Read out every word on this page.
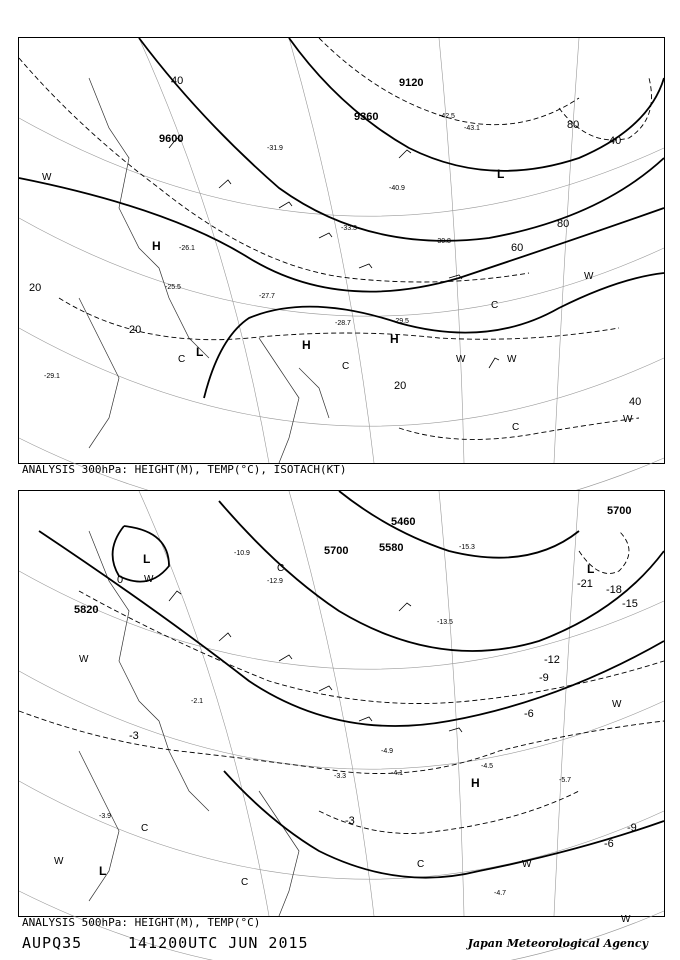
9600
9360
9120
20
20
40
40
60
80
80
20
40
H	H
H
L
L
W
W	W
W
W
C
C
C
C
-29.1
-28.7	-29.5
-30.8
-42.5
-43.1
-40.9
-33.3
-26.1
-27.7
-25.5
-31.9
ANALYSIS 300hPa: HEIGHT(M), TEMP(°C), ISOTACH(KT)
5820
5700
5700	5580
5460
-3
-6
-9
-12
-15
-18
-21
-3
-6
-9
0
L
L
L
H
W
W
W
W
W
W
C
C
C
C
-4.7
-5.7
-4.5
-4.1
-3.3
-4.9
-13.5
-15.3
-10.9
-12.9
-2.1
-3.9
ANALYSIS 500hPa: HEIGHT(M), TEMP(°C)
AUPQ35	141200UTC JUN 2015	Japan Meteorological Agency
